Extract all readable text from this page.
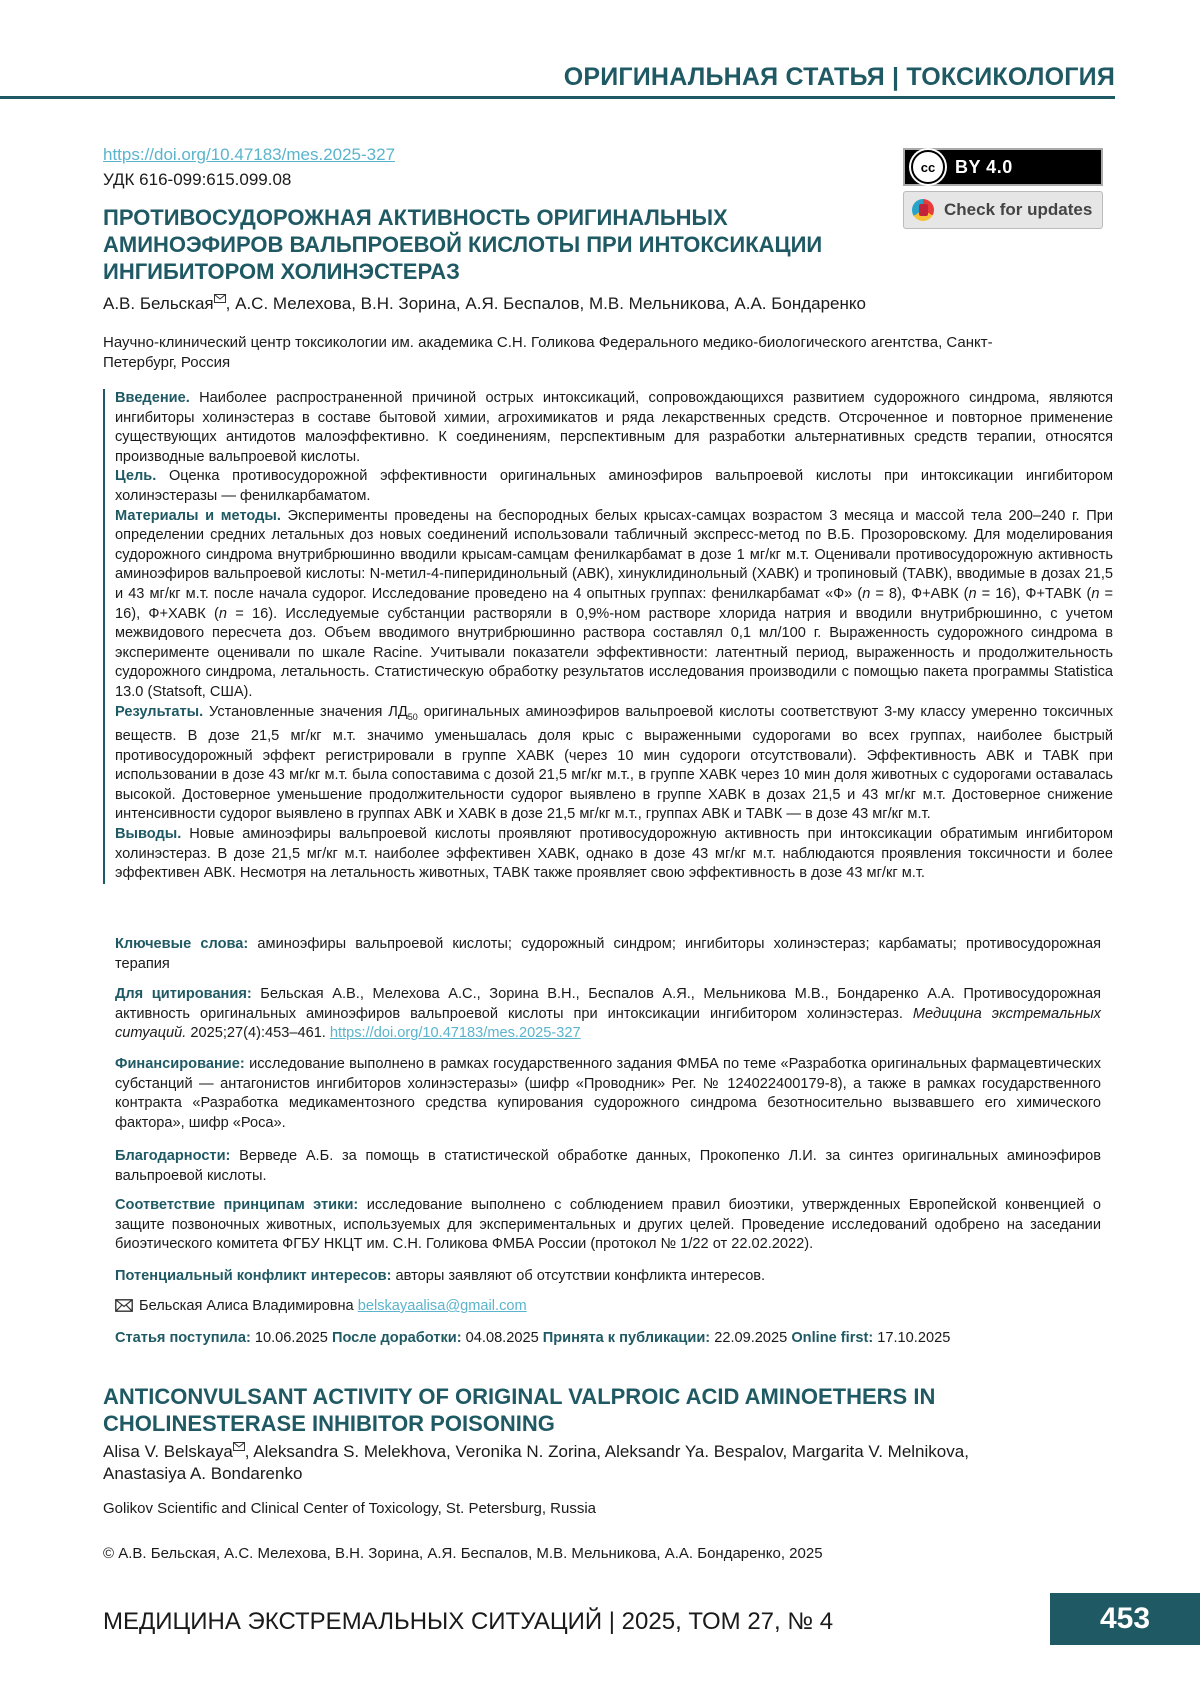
ОРИГИНАЛЬНАЯ СТАТЬЯ | ТОКСИКОЛОГИЯ
https://doi.org/10.47183/mes.2025-327
УДК 616-099:615.099.08
cc	BY 4.0
Check for updates
ПРОТИВОСУДОРОЖНАЯ АКТИВНОСТЬ ОРИГИНАЛЬНЫХ АМИНОЭФИРОВ ВАЛЬПРОЕВОЙ КИСЛОТЫ ПРИ ИНТОКСИКАЦИИ ИНГИБИТОРОМ ХОЛИНЭСТЕРАЗ
А.В. Бельская , А.С. Мелехова, В.Н. Зорина, А.Я. Беспалов, М.В. Мельникова, А.А. Бондаренко
Научно-клинический центр токсикологии им. академика С.Н. Голикова Федерального медико-биологического агентства, Санкт-Петербург, Россия

Введение. Наиболее распространенной причиной острых интоксикаций, сопровождающихся развитием судорожного синдрома, являются ингибиторы холинэстераз в составе бытовой химии, агрохимикатов и ряда лекарственных средств. Отсроченное и повторное применение существующих антидотов малоэффективно. К соединениям, перспективным для разработки альтернативных средств терапии, относятся производные вальпроевой кислоты.

Цель. Оценка противосудорожной эффективности оригинальных аминоэфиров вальпроевой кислоты при интоксикации ингибитором холинэстеразы — фенилкарбаматом.

Материалы и методы. Эксперименты проведены на беспородных белых крысах-самцах возрастом 3 месяца и массой тела 200–240 г. При определении средних летальных доз новых соединений использовали табличный экспресс-метод по В.Б. Прозоровскому. Для моделирования судорожного синдрома внутрибрюшинно вводили крысам-самцам фенилкарбамат в дозе 1 мг/кг м.т. Оценивали противосудорожную активность аминоэфиров вальпроевой кислоты: N-метил-4-пиперидинольный (АВК), хинуклидинольный (ХАВК) и тропиновый (ТАВК), вводимые в дозах 21,5 и 43 мг/кг м.т. после начала судорог. Исследование проведено на 4 опытных группах: фенилкарбамат «Ф» (n = 8), Ф+АВК (n = 16), Ф+ТАВК (n = 16), Ф+ХАВК (n = 16). Исследуемые субстанции растворяли в 0,9%-ном растворе хлорида натрия и вводили внутрибрюшинно, с учетом межвидового пересчета доз. Объем вводимого внутрибрюшинно раствора составлял 0,1 мл/100 г. Выраженность судорожного синдрома в эксперименте оценивали по шкале Racine. Учитывали показатели эффективности: латентный период, выраженность и продолжительность судорожного синдрома, летальность. Статистическую обработку результатов исследования производили с помощью пакета программы Statistica 13.0 (Statsoft, США).

Результаты. Установленные значения $ЛД_{50}$ оригинальных аминоэфиров вальпроевой кислоты соответствуют 3-му классу умеренно токсичных веществ. В дозе 21,5 мг/кг м.т. значимо уменьшалась доля крыс с выраженными судорогами во всех группах, наиболее быстрый противосудорожный эффект регистрировали в группе ХАВК (через 10 мин судороги отсутствовали). Эффективность АВК и ТАВК при использовании в дозе 43 мг/кг м.т. была сопоставима с дозой 21,5 мг/кг м.т., в группе ХАВК через 10 мин доля животных с судорогами оставалась высокой. Достоверное уменьшение продолжительности судорог выявлено в группе ХАВК в дозах 21,5 и 43 мг/кг м.т. Достоверное снижение интенсивности судорог выявлено в группах АВК и ХАВК в дозе 21,5 мг/кг м.т., группах АВК и ТАВК — в дозе 43 мг/кг м.т.

Выводы. Новые аминоэфиры вальпроевой кислоты проявляют противосудорожную активность при интоксикации обратимым ингибитором холинэстераз. В дозе 21,5 мг/кг м.т. наиболее эффективен ХАВК, однако в дозе 43 мг/кг м.т. наблюдаются проявления токсичности и более эффективен АВК. Несмотря на летальность животных, ТАВК также проявляет свою эффективность в дозе 43 мг/кг м.т.

Ключевые слова: аминоэфиры вальпроевой кислоты; судорожный синдром; ингибиторы холинэстераз; карбаматы; противосудорожная терапия

Для цитирования: Бельская А.В., Мелехова А.С., Зорина В.Н., Беспалов А.Я., Мельникова М.В., Бондаренко А.А. Противосудорожная активность оригинальных аминоэфиров вальпроевой кислоты при интоксикации ингибитором холинэстераз. Медицина экстремальных ситуаций. 2025;27(4):453–461. https://doi.org/10.47183/mes.2025-327

Финансирование: исследование выполнено в рамках государственного задания ФМБА по теме «Разработка оригинальных фармацевтических субстанций — антагонистов ингибиторов холинэстеразы» (шифр «Проводник» Рег. № 124022400179-8), а также в рамках государственного контракта «Разработка медикаментозного средства купирования судорожного синдрома безотносительно вызвавшего его химического фактора», шифр «Роса».

Благодарности: Верведе А.Б. за помощь в статистической обработке данных, Прокопенко Л.И. за синтез оригинальных аминоэфиров вальпроевой кислоты.

Соответствие принципам этики: исследование выполнено с соблюдением правил биоэтики, утвержденных Европейской конвенцией о защите позвоночных животных, используемых для экспериментальных и других целей. Проведение исследований одобрено на заседании биоэтического комитета ФГБУ НКЦТ им. С.Н. Голикова ФМБА России (протокол № 1/22 от 22.02.2022).

Потенциальный конфликт интересов: авторы заявляют об отсутствии конфликта интересов.

Бельская Алиса Владимировна belskayaalisa@gmail.com

Статья поступила: 10.06.2025 После доработки: 04.08.2025 Принята к публикации: 22.09.2025 Online first: 17.10.2025

ANTICONVULSANT ACTIVITY OF ORIGINAL VALPROIC ACID AMINOETHERS IN CHOLINESTERASE INHIBITOR POISONING
Alisa V. Belskaya , Aleksandra S. Melekhova, Veronika N. Zorina, Aleksandr Ya. Bespalov, Margarita V. Melnikova, Anastasiya A. Bondarenko
Golikov Scientific and Clinical Center of Toxicology, St. Petersburg, Russia
© А.В. Бельская, А.С. Мелехова, В.Н. Зорина, А.Я. Беспалов, М.В. Мельникова, А.А. Бондаренко, 2025
МЕДИЦИНА ЭКСТРЕМАЛЬНЫХ СИТУАЦИЙ | 2025, ТОМ 27, № 4	453
